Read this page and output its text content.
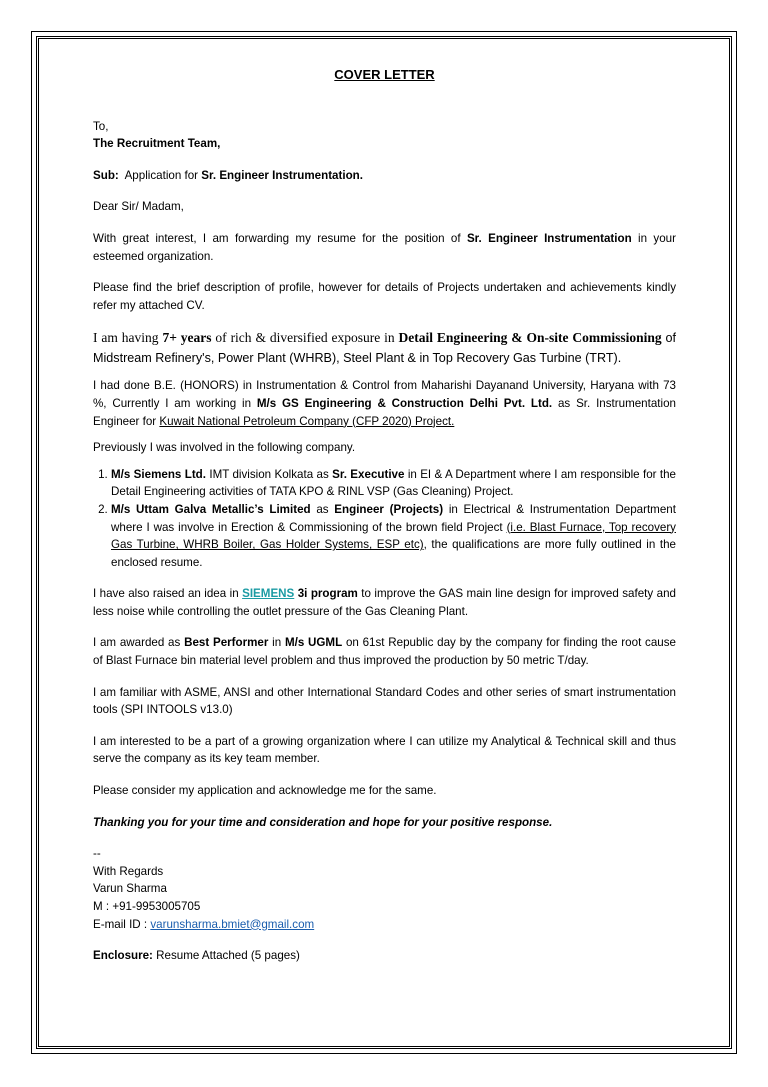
COVER LETTER

To,

The Recruitment Team,

Sub: Application for Sr. Engineer Instrumentation.

Dear Sir/ Madam,

With great interest, I am forwarding my resume for the position of Sr. Engineer Instrumentation in your esteemed organization.

Please find the brief description of profile, however for details of Projects undertaken and achievements kindly refer my attached CV.

I am having 7+ years of rich & diversified exposure in Detail Engineering & On-site Commissioning of Midstream Refinery's, Power Plant (WHRB), Steel Plant & in Top Recovery Gas Turbine (TRT).

I had done B.E. (HONORS) in Instrumentation & Control from Maharishi Dayanand University, Haryana with 73 %, Currently I am working in M/s GS Engineering & Construction Delhi Pvt. Ltd. as Sr. Instrumentation Engineer for Kuwait National Petroleum Company (CFP 2020) Project.

Previously I was involved in the following company.

1. M/s Siemens Ltd. IMT division Kolkata as Sr. Executive in EI & A Department where I am responsible for the Detail Engineering activities of TATA KPO & RINL VSP (Gas Cleaning) Project.
2. M/s Uttam Galva Metallic’s Limited as Engineer (Projects) in Electrical & Instrumentation Department where I was involve in Erection & Commissioning of the brown field Project (i.e. Blast Furnace, Top recovery Gas Turbine, WHRB Boiler, Gas Holder Systems, ESP etc), the qualifications are more fully outlined in the enclosed resume.

I have also raised an idea in SIEMENS 3i program to improve the GAS main line design for improved safety and less noise while controlling the outlet pressure of the Gas Cleaning Plant.

I am awarded as Best Performer in M/s UGML on 61st Republic day by the company for finding the root cause of Blast Furnace bin material level problem and thus improved the production by 50 metric T/day.

I am familiar with ASME, ANSI and other International Standard Codes and other series of smart instrumentation tools (SPI INTOOLS v13.0)

I am interested to be a part of a growing organization where I can utilize my Analytical & Technical skill and thus serve the company as its key team member.

Please consider my application and acknowledge me for the same.

Thanking you for your time and consideration and hope for your positive response.

--

With Regards

Varun Sharma

M : +91-9953005705

E-mail ID : varunsharma.bmiet@gmail.com

Enclosure: Resume Attached (5 pages)
